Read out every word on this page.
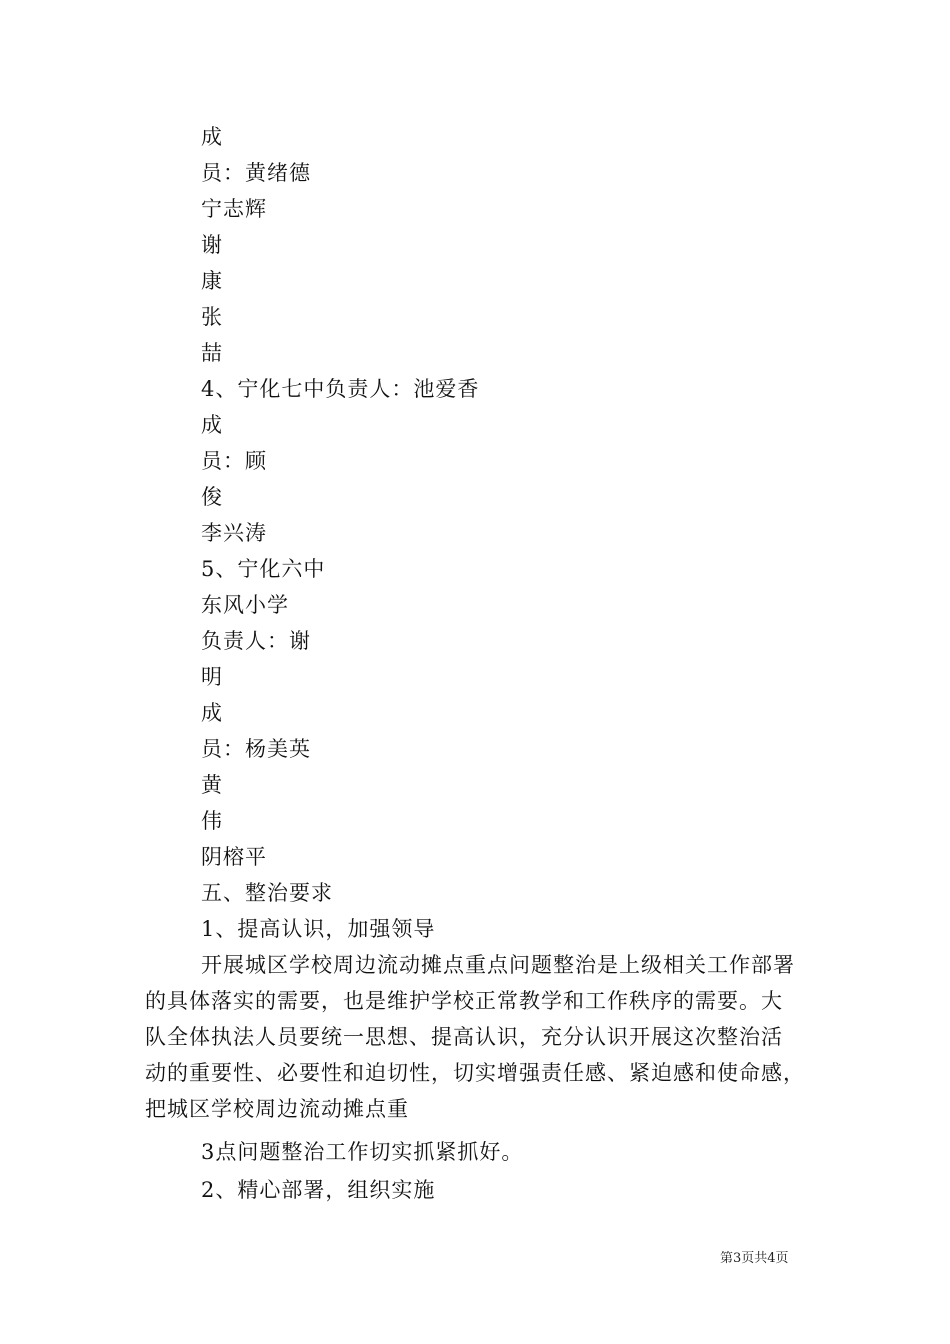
成
员：黄绪德
宁志辉
谢
康
张
喆
4、宁化七中负责人：池爱香
成
员：顾
俊
李兴涛
5、宁化六中
东风小学
负责人：谢
明
成
员：杨美英
黄
伟
阴榕平
五、整治要求
1、提高认识，加强领导
开展城区学校周边流动摊点重点问题整治是上级相关工作部署
的具体落实的需要，也是维护学校正常教学和工作秩序的需要。大
队全体执法人员要统一思想、提高认识，充分认识开展这次整治活
动的重要性、必要性和迫切性，切实增强责任感、紧迫感和使命感，
把城区学校周边流动摊点重
3点问题整治工作切实抓紧抓好。
2、精心部署，组织实施
第3页共4页
